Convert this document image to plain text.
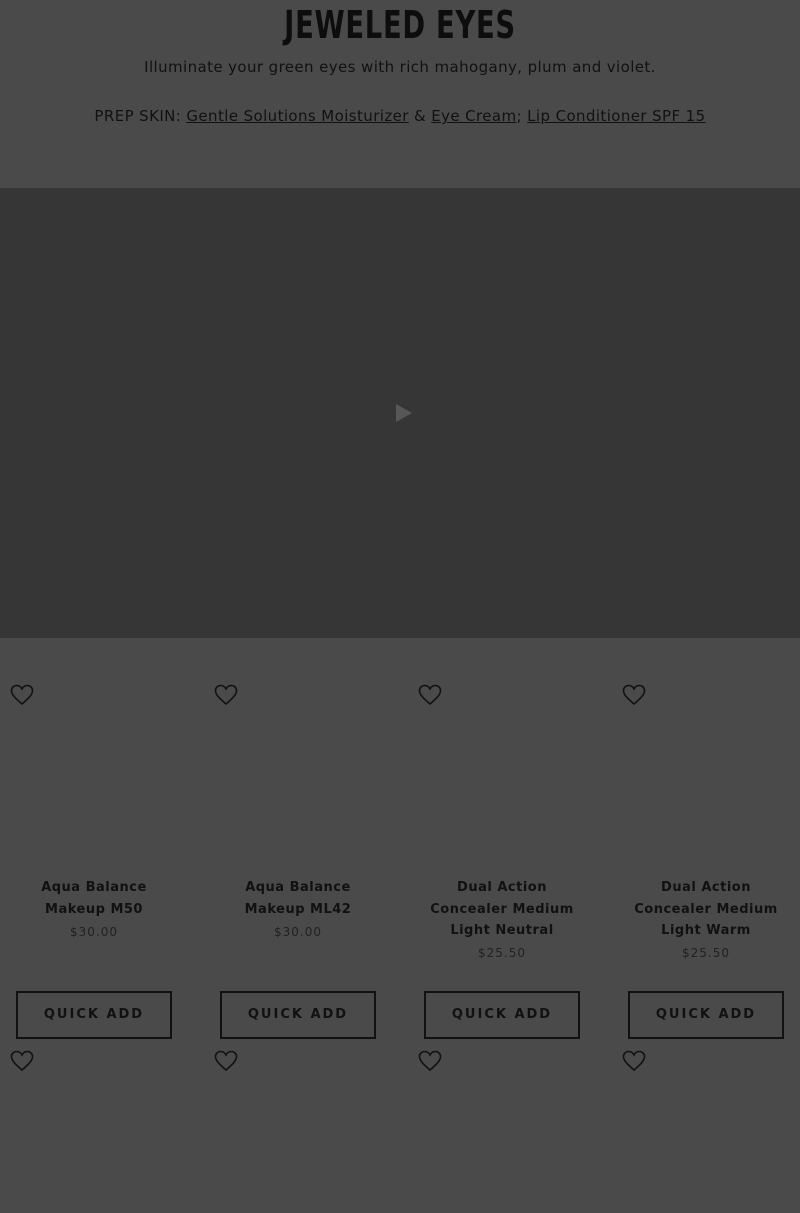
JEWELED EYES
Illuminate your green eyes with rich mahogany, plum and violet.
PREP SKIN: Gentle Solutions Moisturizer & Eye Cream; Lip Conditioner SPF 15
Aqua Balance Makeup M50
$30.00
QUICK ADD
Aqua Balance Makeup ML42
$30.00
QUICK ADD
Dual Action Concealer Medium Light Neutral
$25.50
QUICK ADD
Dual Action Concealer Medium Light Warm
$25.50
QUICK ADD
